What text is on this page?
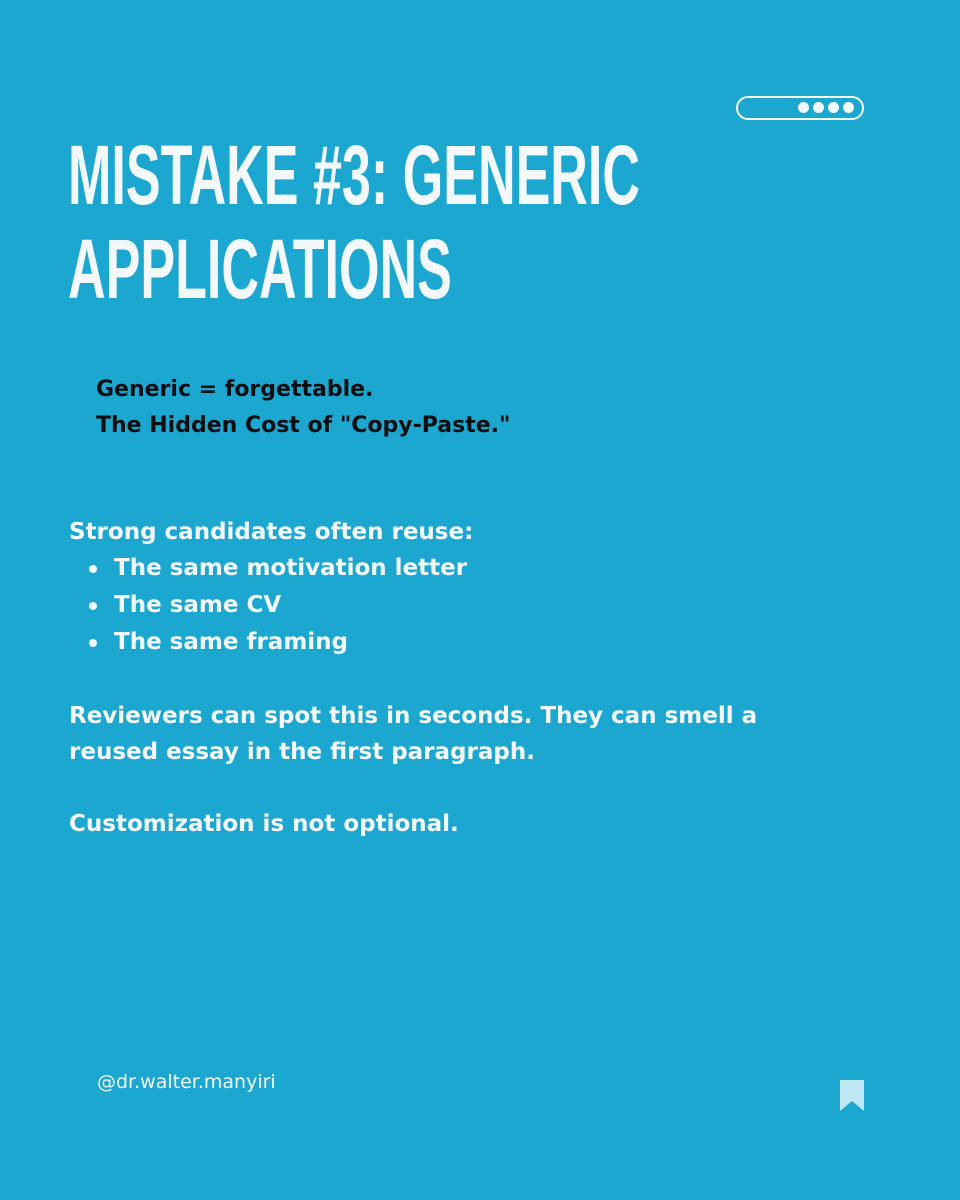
MISTAKE #3: GENERIC
APPLICATIONS
Generic = forgettable.
The Hidden Cost of "Copy-Paste."
Strong candidates often reuse:
The same motivation letter
The same CV
The same framing
Reviewers can spot this in seconds. They can smell a
reused essay in the first paragraph.
Customization is not optional.
@dr.walter.manyiri
